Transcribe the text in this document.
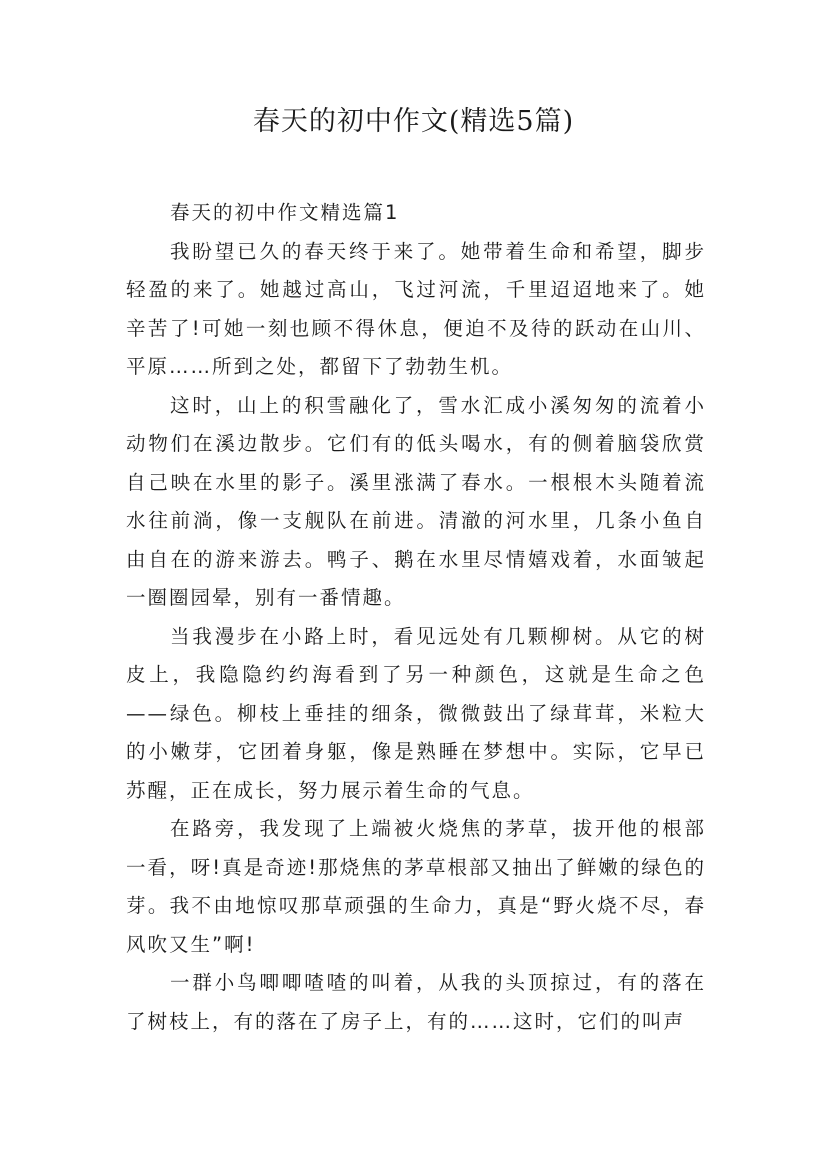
春天的初中作文(精选5篇)

春天的初中作文精选篇1

我盼望已久的春天终于来了。她带着生命和希望，脚步轻盈的来了。她越过高山，飞过河流，千里迢迢地来了。她辛苦了!可她一刻也顾不得休息，便迫不及待的跃动在山川、平原……所到之处，都留下了勃勃生机。

这时，山上的积雪融化了，雪水汇成小溪匆匆的流着小动物们在溪边散步。它们有的低头喝水，有的侧着脑袋欣赏自己映在水里的影子。溪里涨满了春水。一根根木头随着流水往前淌，像一支舰队在前进。清澈的河水里，几条小鱼自由自在的游来游去。鸭子、鹅在水里尽情嬉戏着，水面皱起一圈圈园晕，别有一番情趣。

当我漫步在小路上时，看见远处有几颗柳树。从它的树皮上，我隐隐约约海看到了另一种颜色，这就是生命之色——绿色。柳枝上垂挂的细条，微微鼓出了绿茸茸，米粒大的小嫩芽，它团着身躯，像是熟睡在梦想中。实际，它早已苏醒，正在成长，努力展示着生命的气息。

在路旁，我发现了上端被火烧焦的茅草，拔开他的根部一看，呀!真是奇迹!那烧焦的茅草根部又抽出了鲜嫩的绿色的芽。我不由地惊叹那草顽强的生命力，真是“野火烧不尽，春风吹又生”啊!

一群小鸟唧唧喳喳的叫着，从我的头顶掠过，有的落在了树枝上，有的落在了房子上，有的……这时，它们的叫声
